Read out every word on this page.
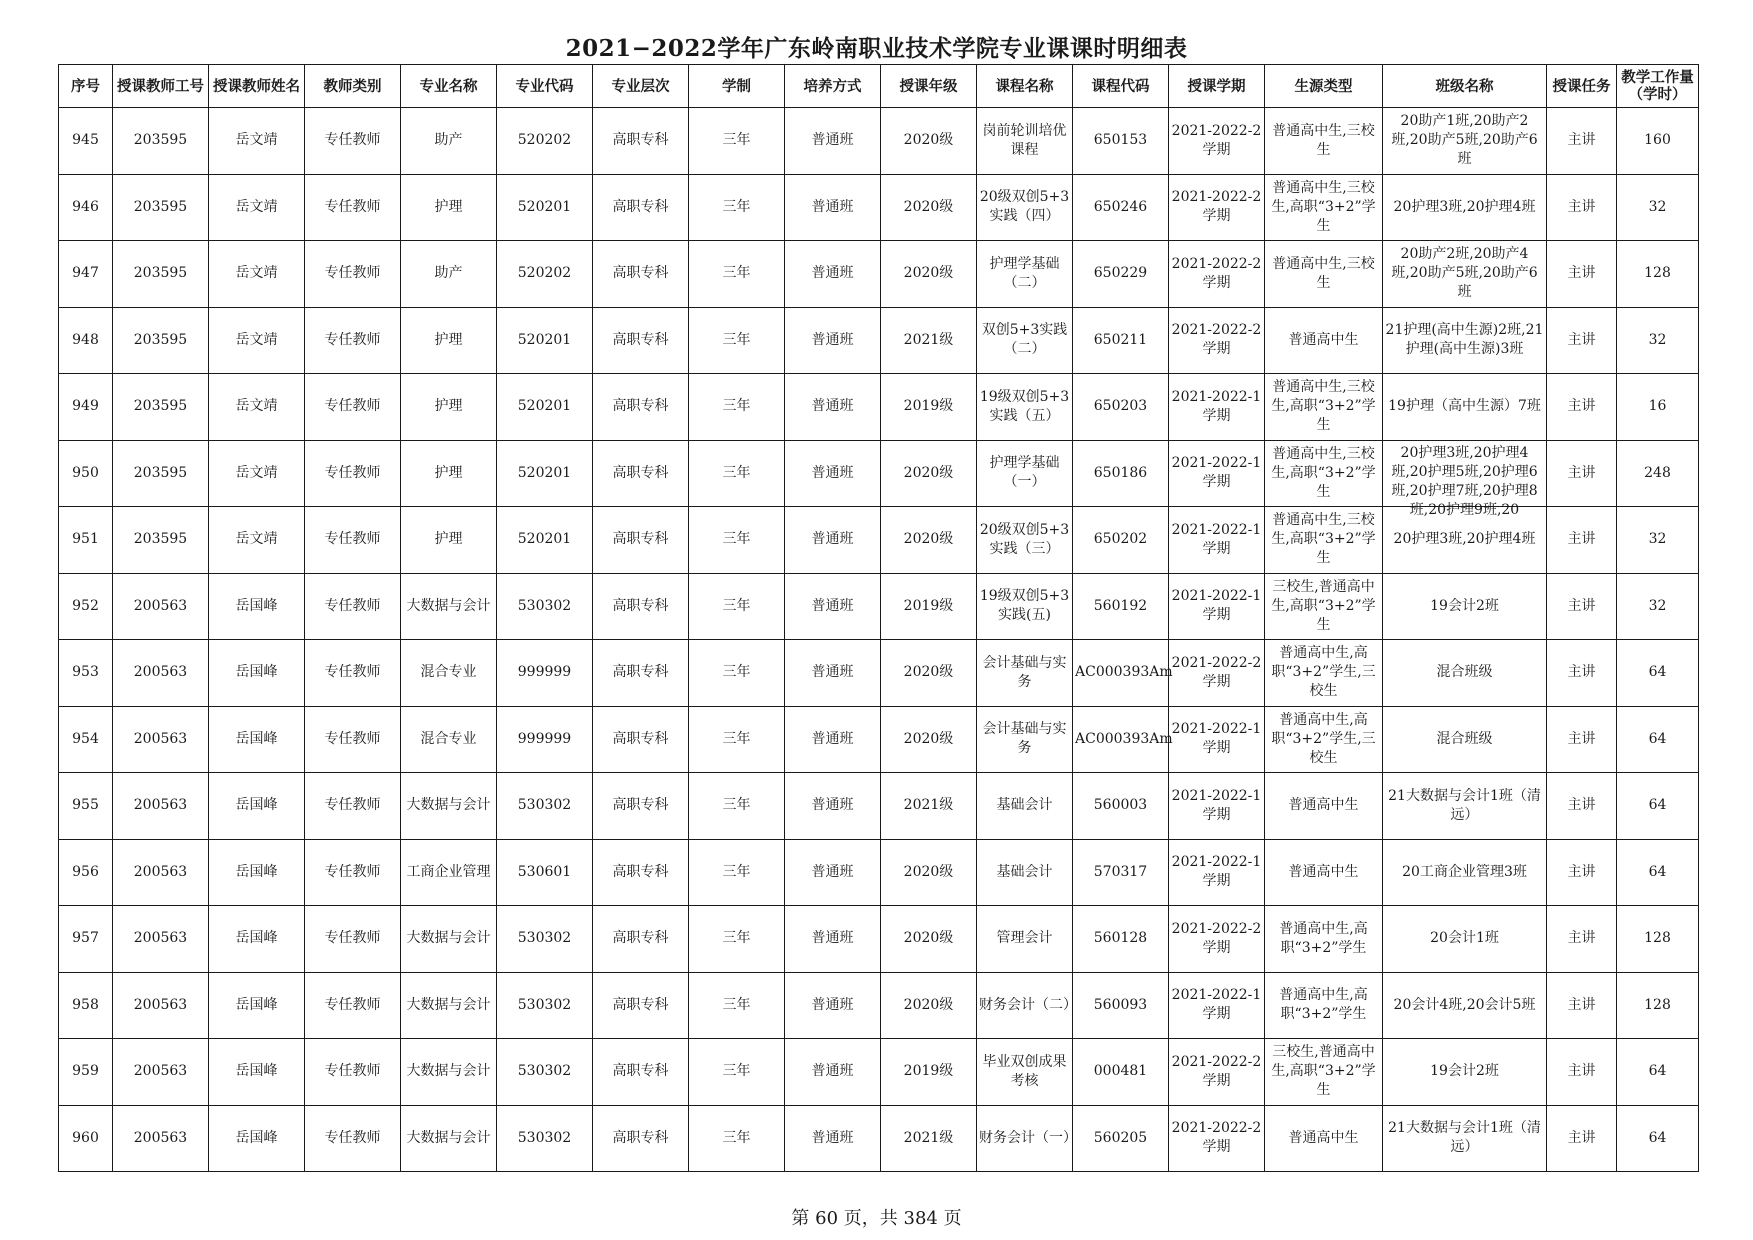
2021−2022学年广东岭南职业技术学院专业课课时明细表
序号	授课教师工号	授课教师姓名	教师类别	专业名称	专业代码	专业层次	学制	培养方式	授课年级	课程名称	课程代码	授课学期	生源类型	班级名称	授课任务	教学工作量（学时）

945	203595	岳文靖	专任教师	助产	520202	高职专科	三年	普通班	2020级	岗前轮训培优课程	650153	2021-2022-2学期	普通高中生,三校生	20助产1班,20助产2班,20助产5班,20助产6班	主讲	160

946	203595	岳文靖	专任教师	护理	520201	高职专科	三年	普通班	2020级	20级双创5+3实践（四）	650246	2021-2022-2学期	普通高中生,三校生,高职“3+2”学生	20护理3班,20护理4班	主讲	32

947	203595	岳文靖	专任教师	助产	520202	高职专科	三年	普通班	2020级	护理学基础（二）	650229	2021-2022-2学期	普通高中生,三校生	20助产2班,20助产4班,20助产5班,20助产6班	主讲	128

948	203595	岳文靖	专任教师	护理	520201	高职专科	三年	普通班	2021级	双创5+3实践（二）	650211	2021-2022-2学期	普通高中生	21护理(高中生源)2班,21护理(高中生源)3班	主讲	32

949	203595	岳文靖	专任教师	护理	520201	高职专科	三年	普通班	2019级	19级双创5+3实践（五）	650203	2021-2022-1学期	普通高中生,三校生,高职“3+2”学生	19护理（高中生源）7班	主讲	16

950	203595	岳文靖	专任教师	护理	520201	高职专科	三年	普通班	2020级	护理学基础（一）	650186	2021-2022-1学期	普通高中生,三校生,高职“3+2”学生	20护理3班,20护理4班,20护理5班,20护理6班,20护理7班,20护理8班,20护理9班,20	主讲	248

951	203595	岳文靖	专任教师	护理	520201	高职专科	三年	普通班	2020级	20级双创5+3实践（三）	650202	2021-2022-1学期	普通高中生,三校生,高职“3+2”学生	20护理3班,20护理4班	主讲	32

952	200563	岳国峰	专任教师	大数据与会计	530302	高职专科	三年	普通班	2019级	19级双创5+3实践(五)	560192	2021-2022-1学期	三校生,普通高中生,高职“3+2”学生	19会计2班	主讲	32

953	200563	岳国峰	专任教师	混合专业	999999	高职专科	三年	普通班	2020级	会计基础与实务	AC000393Am	2021-2022-2学期	普通高中生,高职“3+2”学生,三校生	混合班级	主讲	64

954	200563	岳国峰	专任教师	混合专业	999999	高职专科	三年	普通班	2020级	会计基础与实务	AC000393Am	2021-2022-1学期	普通高中生,高职“3+2”学生,三校生	混合班级	主讲	64

955	200563	岳国峰	专任教师	大数据与会计	530302	高职专科	三年	普通班	2021级	基础会计	560003	2021-2022-1学期	普通高中生	21大数据与会计1班（清远）	主讲	64

956	200563	岳国峰	专任教师	工商企业管理	530601	高职专科	三年	普通班	2020级	基础会计	570317	2021-2022-1学期	普通高中生	20工商企业管理3班	主讲	64

957	200563	岳国峰	专任教师	大数据与会计	530302	高职专科	三年	普通班	2020级	管理会计	560128	2021-2022-2学期	普通高中生,高职“3+2”学生	20会计1班	主讲	128

958	200563	岳国峰	专任教师	大数据与会计	530302	高职专科	三年	普通班	2020级	财务会计（二）	560093	2021-2022-1学期	普通高中生,高职“3+2”学生	20会计4班,20会计5班	主讲	128

959	200563	岳国峰	专任教师	大数据与会计	530302	高职专科	三年	普通班	2019级	毕业双创成果考核	000481	2021-2022-2学期	三校生,普通高中生,高职“3+2”学生	19会计2班	主讲	64

960	200563	岳国峰	专任教师	大数据与会计	530302	高职专科	三年	普通班	2021级	财务会计（一）	560205	2021-2022-2学期	普通高中生	21大数据与会计1班（清远）	主讲	64
第 60 页，共 384 页
